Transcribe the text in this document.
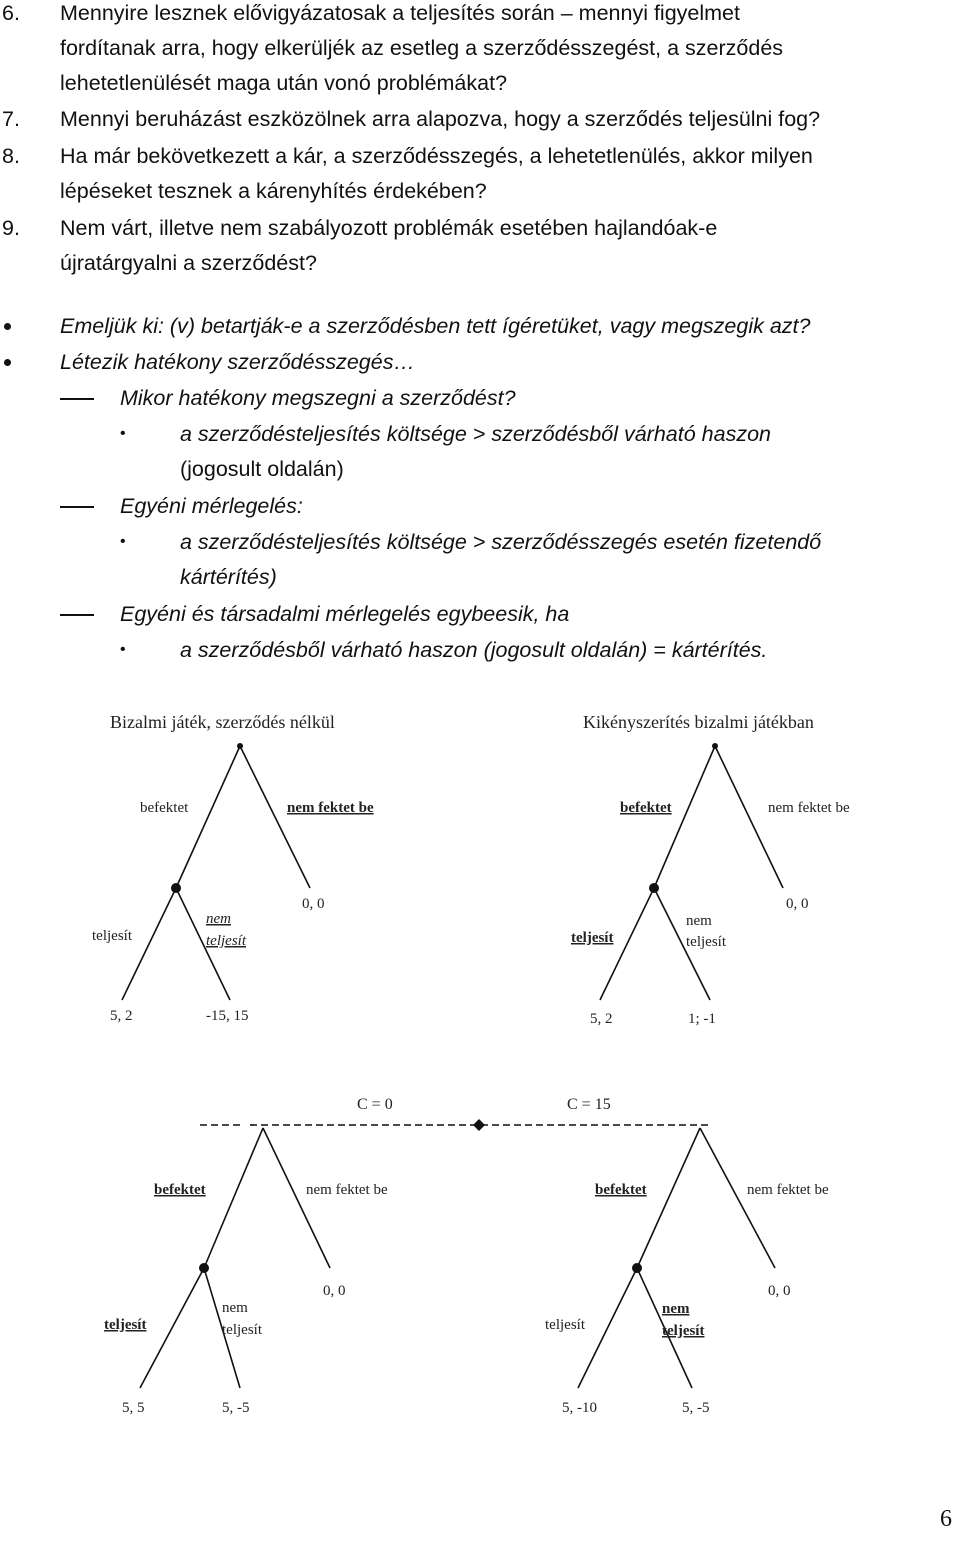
6. Mennyire lesznek elővigyázatosak a teljesítés során – mennyi figyelmet
fordítanak arra, hogy elkerüljék az esetleg a szerződésszegést, a szerződés
lehetetlenülését maga után vonó problémákat?
7. Mennyi beruházást eszközölnek arra alapozva, hogy a szerződés teljesülni fog?
8. Ha már bekövetkezett a kár, a szerződésszegés, a lehetetlenülés, akkor milyen
lépéseket tesznek a kárenyhítés érdekében?
9. Nem várt, illetve nem szabályozott problémák esetében hajlandóak-e
újratárgyalni a szerződést?
Emeljük ki: (v) betartják-e a szerződésben tett ígéretüket, vagy megszegik azt?
Létezik hatékony szerződésszegés…
Mikor hatékony megszegni a szerződést?
•	a szerződésteljesítés költsége > szerződésből várható haszon
(jogosult oldalán)
Egyéni mérlegelés:
•	a szerződésteljesítés költsége > szerződésszegés esetén fizetendő
kártérítés)
Egyéni és társadalmi mérlegelés egybeesik, ha
•	a szerződésből várható haszon (jogosult oldalán) = kártérítés.
Bizalmi játék, szerződés nélkül
befektet	nem fektet be
0, 0
teljesít
nem
teljesít
5, 2	-15, 15
Kikényszerítés bizalmi játékban
befektet	nem fektet be
0, 0
teljesít
nem
teljesít
5, 2	1; -1
C = 0	C = 15
befektet	nem fektet be
0, 0
teljesít
nem
teljesít
5, 5	5, -5
befektet	nem fektet be
0, 0
teljesít
nem
teljesít
5, -10	5, -5
6
